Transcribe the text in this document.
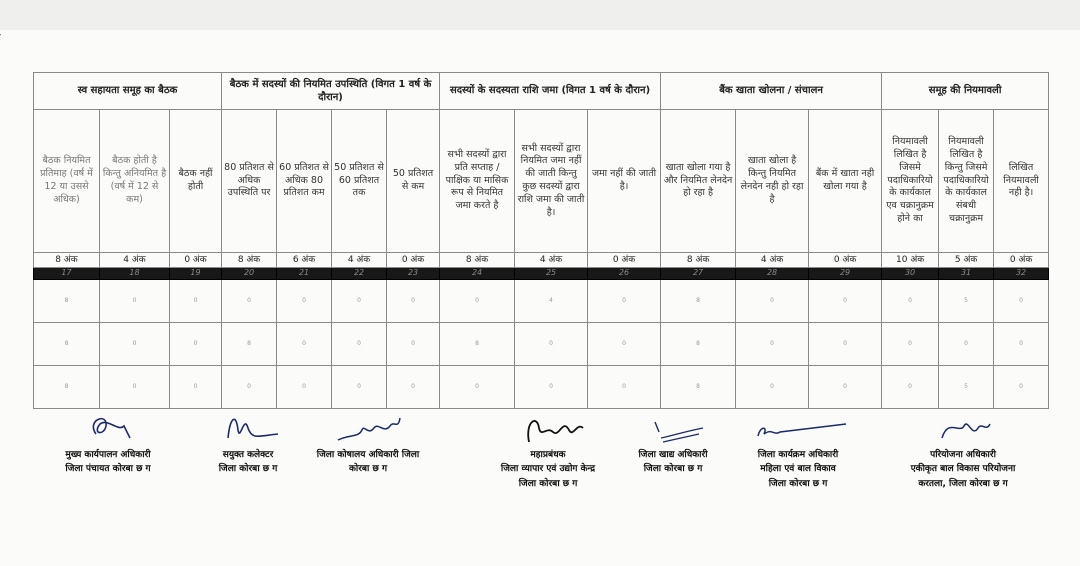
स्व सहायता समूह का बैठक			बैठक में सदस्यों की नियमित उपस्थिति (विगत 1 वर्ष के दौरान)				सदस्यों के सदस्यता राशि जमा (विगत 1 वर्ष के दौरान)			बैंक खाता खोलना / संचालन			समूह की नियमावली		
बैठक नियमित प्रतिमाह (वर्ष में 12 या उससे अधिक)	बैठक होती है किन्तु अनियमित है (वर्ष में 12 से कम)	बैठक नहीं होती	80 प्रतिशत से अधिक उपस्थिति पर	60 प्रतिशत से अधिक 80 प्रतिशत कम	50 प्रतिशत से 60 प्रतिशत तक	50 प्रतिशत से कम	सभी सदस्यों द्वारा प्रति सप्ताह / पाक्षिक या मासिक रूप से नियमित जमा करते है	सभी सदस्यों द्वारा नियमित जमा नहीं की जाती किन्तु कुछ सदस्यों द्वारा राशि जमा की जाती है।	जमा नहीं की जाती है।	खाता खोला गया है और नियमित लेनदेन हो रहा है	खाता खोला है किन्तु नियमित लेनदेन नही हो रहा है	बैंक में खाता नही खोला गया है	नियमावली लिखित है जिसमे पदाधिकारियो के कार्यकाल एव चक्रानुक्रम होने का	नियमावली लिखित है किन्तु जिसमे पदाधिकारियो के कार्यकाल संबधी चक्रानुक्रम	लिखित नियमावली नही है।
8 अंक	4 अंक	0 अंक	8 अंक	6 अंक	4 अंक	0 अंक	8 अंक	4 अंक	0 अंक	8 अंक	4 अंक	0 अंक	10 अंक	5 अंक	0 अंक
17	18	19	20	21	22	23	24	25	26	27	28	29	30	31	32
8	0	0	0	0	0	0	0	4	0	8	0	0	0	5	0
8	0	0	8	0	0	0	8	0	0	8	0	0	0	0	0
8	0	0	0	0	0	0	0	0	0	8	0	0	0	5	0
मुख्य कार्यपालन अधिकारी
जिला पंचायत कोरबा छ ग
सयुक्त कलेक्टर
जिला कोरबा छ ग
जिला कोषालय अधिकारी जिला
कोरबा छ ग
महाप्रबंधक
जिला व्यापार एवं उद्योग केन्द्र
जिला कोरबा छ ग
जिला खाद्य अधिकारी
जिला कोरबा छ ग
जिला कार्यक्रम अधिकारी
महिला एवं बाल विकाव
जिला कोरबा छ ग
परियोजना अधिकारी
एकीकृत बाल विकास परियोजना
करतला, जिला कोरबा छ ग
